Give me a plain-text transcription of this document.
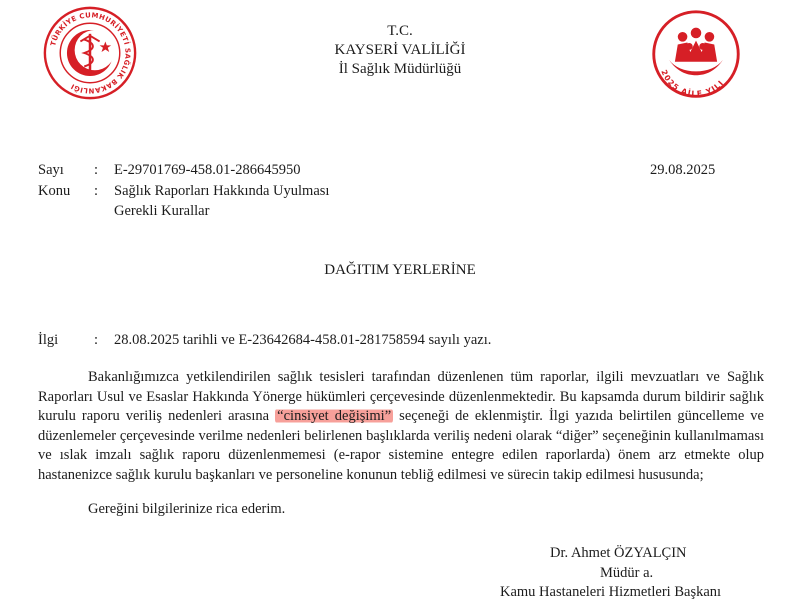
TÜRKİYE CUMHURİYETİ SAĞLIK BAKANLIĞI
2025 AİLE YILI
T.C.
KAYSERİ VALİLİĞİ
İl Sağlık Müdürlüğü
Sayı	: E-29701769-458.01-286645950	29.08.2025
Konu	: Sağlık Raporları Hakkında Uyulması
Gerekli Kurallar
DAĞITIM YERLERİNE
İlgi	: 28.08.2025 tarihli ve E-23642684-458.01-281758594 sayılı yazı.

Bakanlığımızca yetkilendirilen sağlık tesisleri tarafından düzenlenen tüm raporlar, ilgili mevzuatları ve Sağlık Raporları Usul ve Esaslar Hakkında Yönerge hükümleri çerçevesinde düzenlenmektedir. Bu kapsamda durum bildirir sağlık kurulu raporu veriliş nedenleri arasına “cinsiyet değişimi” seçeneği de eklenmiştir. İlgi yazıda belirtilen güncelleme ve düzenlemeler çerçevesinde verilme nedenleri belirlenen başlıklarda veriliş nedeni olarak “diğer” seçeneğinin kullanılmaması ve ıslak imzalı sağlık raporu düzenlenmemesi (e-rapor sistemine entegre edilen raporlarda) önem arz etmekte olup hastanenizce sağlık kurulu başkanları ve personeline konunun tebliğ edilmesi ve sürecin takip edilmesi hususunda;

Gereğini bilgilerinize rica ederim.

Dr. Ahmet ÖZYALÇIN
Müdür a.
Kamu Hastaneleri Hizmetleri Başkanı
